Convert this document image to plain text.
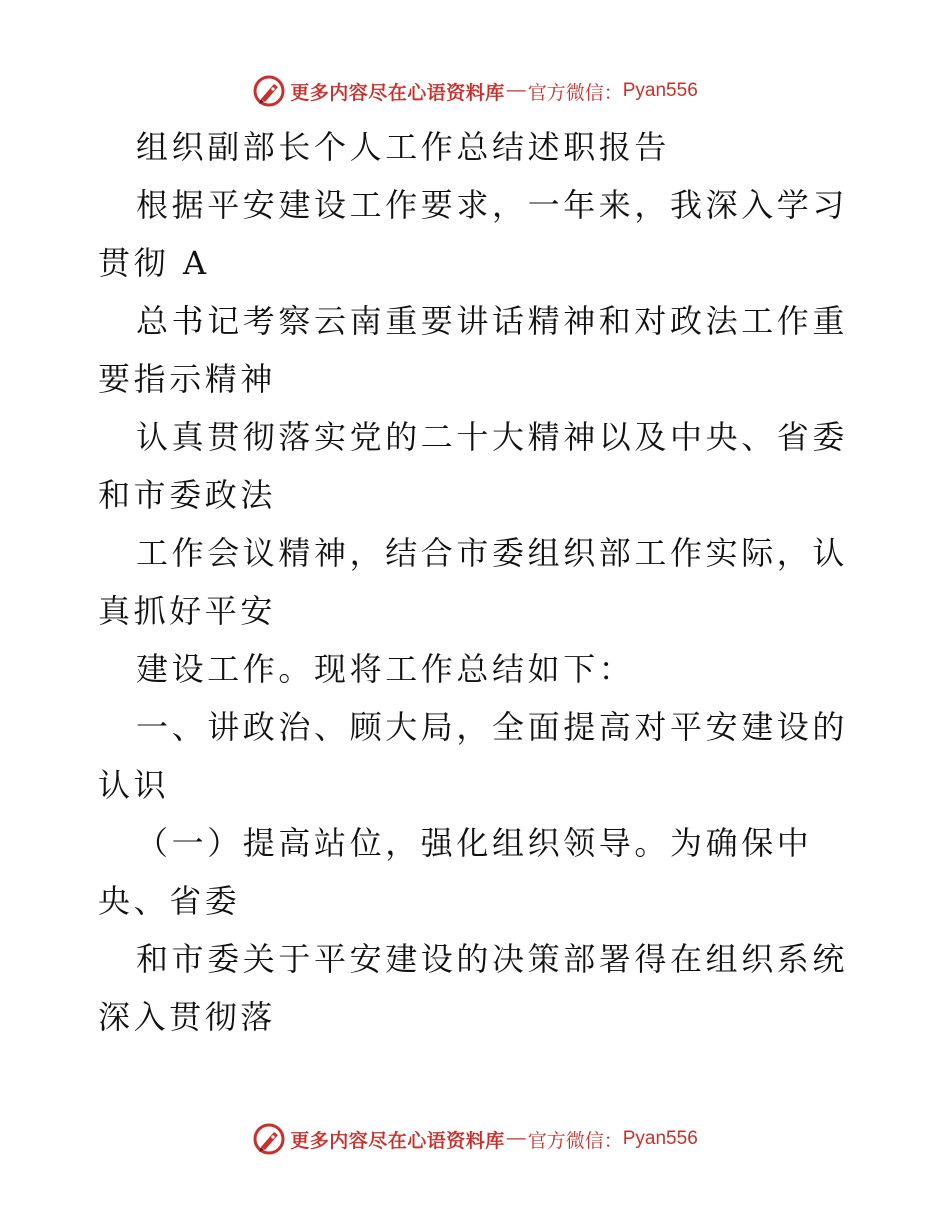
更多内容尽在心语资料库 — 官方微信： Pyan556

组织副部长个人工作总结述职报告

根据平安建设工作要求，一年来，我深入学习贯彻 A

总书记考察云南重要讲话精神和对政法工作重要指示精神

认真贯彻落实党的二十大精神以及中央、省委和市委政法

工作会议精神，结合市委组织部工作实际，认真抓好平安

建设工作。现将工作总结如下：

一、讲政治、顾大局，全面提高对平安建设的认识

（一）提高站位，强化组织领导。为确保中央、省委

和市委关于平安建设的决策部署得在组织系统深入贯彻落

更多内容尽在心语资料库 — 官方微信： Pyan556
